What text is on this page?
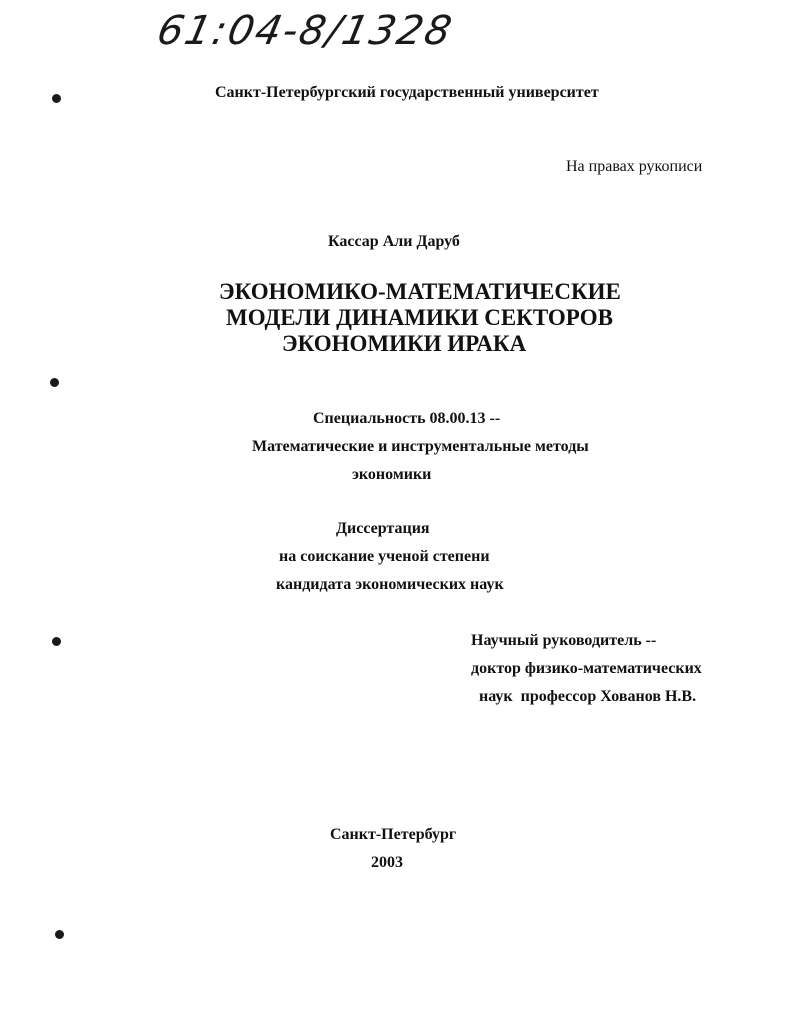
61:04-8/1328
Санкт-Петербургский государственный университет
На правах рукописи
Кассар Али Даруб
ЭКОНОМИКО-МАТЕМАТИЧЕСКИЕ
МОДЕЛИ ДИНАМИКИ СЕКТОРОВ
ЭКОНОМИКИ ИРАКА
Специальность 08.00.13 --
Математические и инструментальные методы
экономики
Диссертация
на соискание ученой степени
кандидата экономических наук
Научный руководитель --
доктор физико-математических
наук  профессор Хованов Н.В.
Санкт-Петербург
2003
